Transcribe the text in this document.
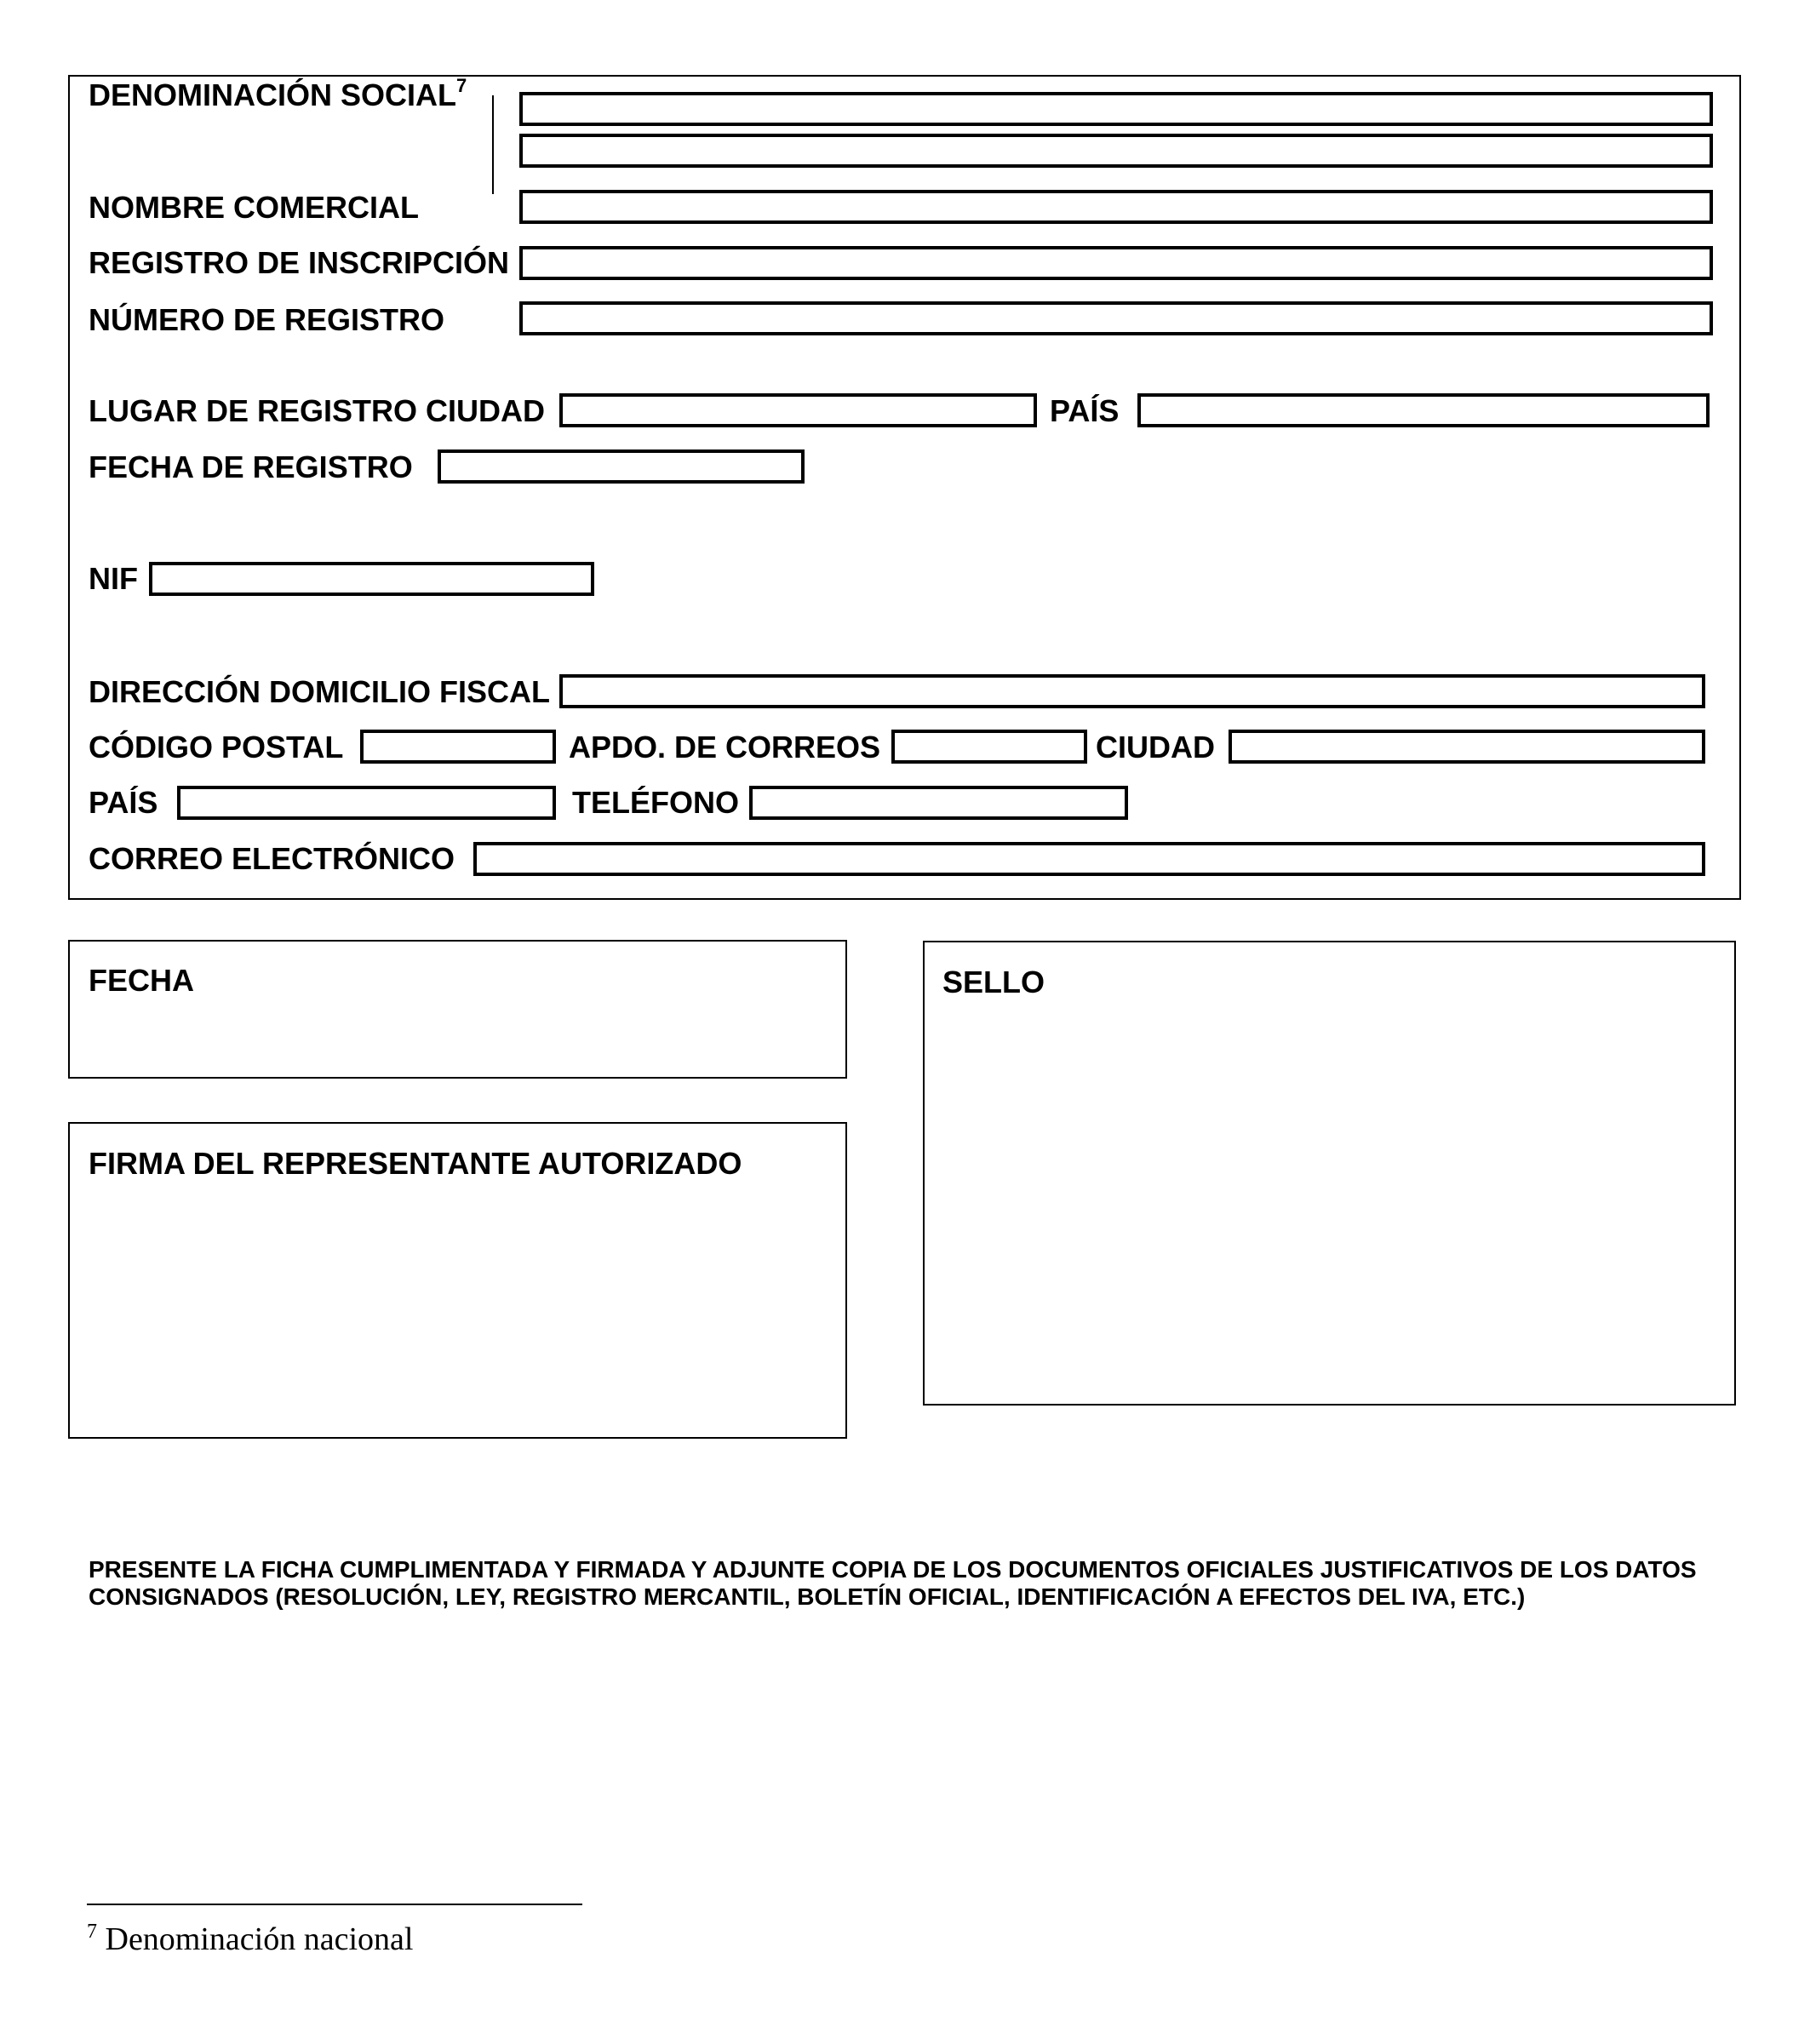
DENOMINACIÓN SOCIAL$^7$
NOMBRE COMERCIAL
REGISTRO DE INSCRIPCIÓN
NÚMERO DE REGISTRO
LUGAR DE REGISTRO CIUDAD	PAÍS
FECHA DE REGISTRO
NIF
DIRECCIÓN DOMICILIO FISCAL
CÓDIGO POSTAL	APDO. DE CORREOS	CIUDAD
PAÍS	TELÉFONO
CORREO ELECTRÓNICO
FECHA	SELLO
FIRMA DEL REPRESENTANTE AUTORIZADO
PRESENTE LA FICHA CUMPLIMENTADA Y FIRMADA Y ADJUNTE COPIA DE LOS DOCUMENTOS OFICIALES JUSTIFICATIVOS DE LOS DATOS CONSIGNADOS (RESOLUCIÓN, LEY, REGISTRO MERCANTIL, BOLETÍN OFICIAL, IDENTIFICACIÓN A EFECTOS DEL IVA, ETC.)
$^7$ Denominación nacional
